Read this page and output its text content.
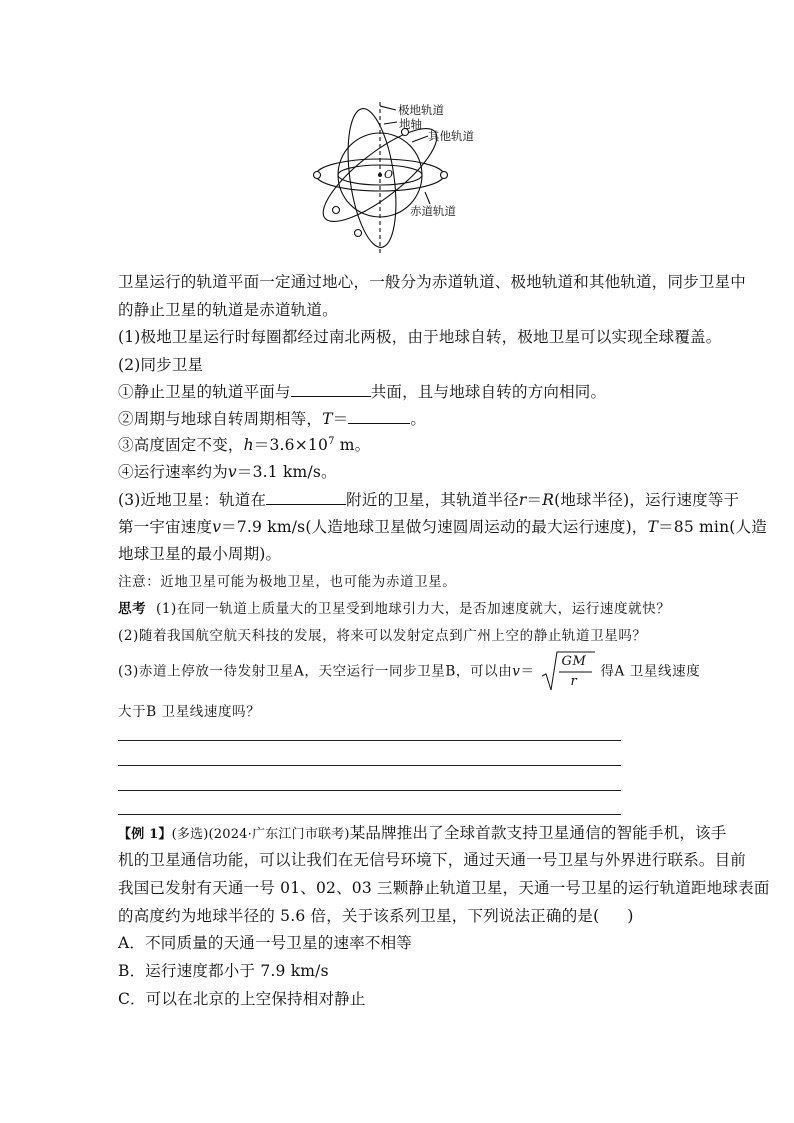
极地轨道
地轴
其他轨道
O
赤道轨道
卫星运行的轨道平面一定通过地心，一般分为赤道轨道、极地轨道和其他轨道，同步卫星中
的静止卫星的轨道是赤道轨道。
(1)极地卫星运行时每圈都经过南北两极，由于地球自转，极地卫星可以实现全球覆盖。
(2)同步卫星
①静止卫星的轨道平面与	共面，且与地球自转的方向相同。
②周期与地球自转周期相等，T＝	。
③高度固定不变，$h=3.6\times 10^7$ m。
④运行速率约为v＝3.1 km/s。
(3)近地卫星：轨道在	附近的卫星，其轨道半径r＝R(地球半径)，运行速度等于
第一宇宙速度v＝7.9 km/s(人造地球卫星做匀速圆周运动的最大运行速度)，T＝85 min(人造
地球卫星的最小周期)。
注意：近地卫星可能为极地卫星，也可能为赤道卫星。
思考 (1)在同一轨道上质量大的卫星受到地球引力大，是否加速度就大，运行速度就快？
(2)随着我国航空航天科技的发展，将来可以发射定点到广州上空的静止轨道卫星吗？
(3)赤道上停放一待发射卫星A，天空运行一同步卫星B，可以由v＝
GM
r
得A 卫星线速度
大于B 卫星线速度吗？
【例 1】(多选)(2024·广东江门市联考)某品牌推出了全球首款支持卫星通信的智能手机，该手
机的卫星通信功能，可以让我们在无信号环境下，通过天通一号卫星与外界进行联系。目前
我国已发射有天通一号 01、02、03 三颗静止轨道卫星，天通一号卫星的运行轨道距地球表面
的高度约为地球半径的 5.6 倍，关于该系列卫星，下列说法正确的是( )
A．不同质量的天通一号卫星的速率不相等
B．运行速度都小于 7.9 km/s
C．可以在北京的上空保持相对静止
